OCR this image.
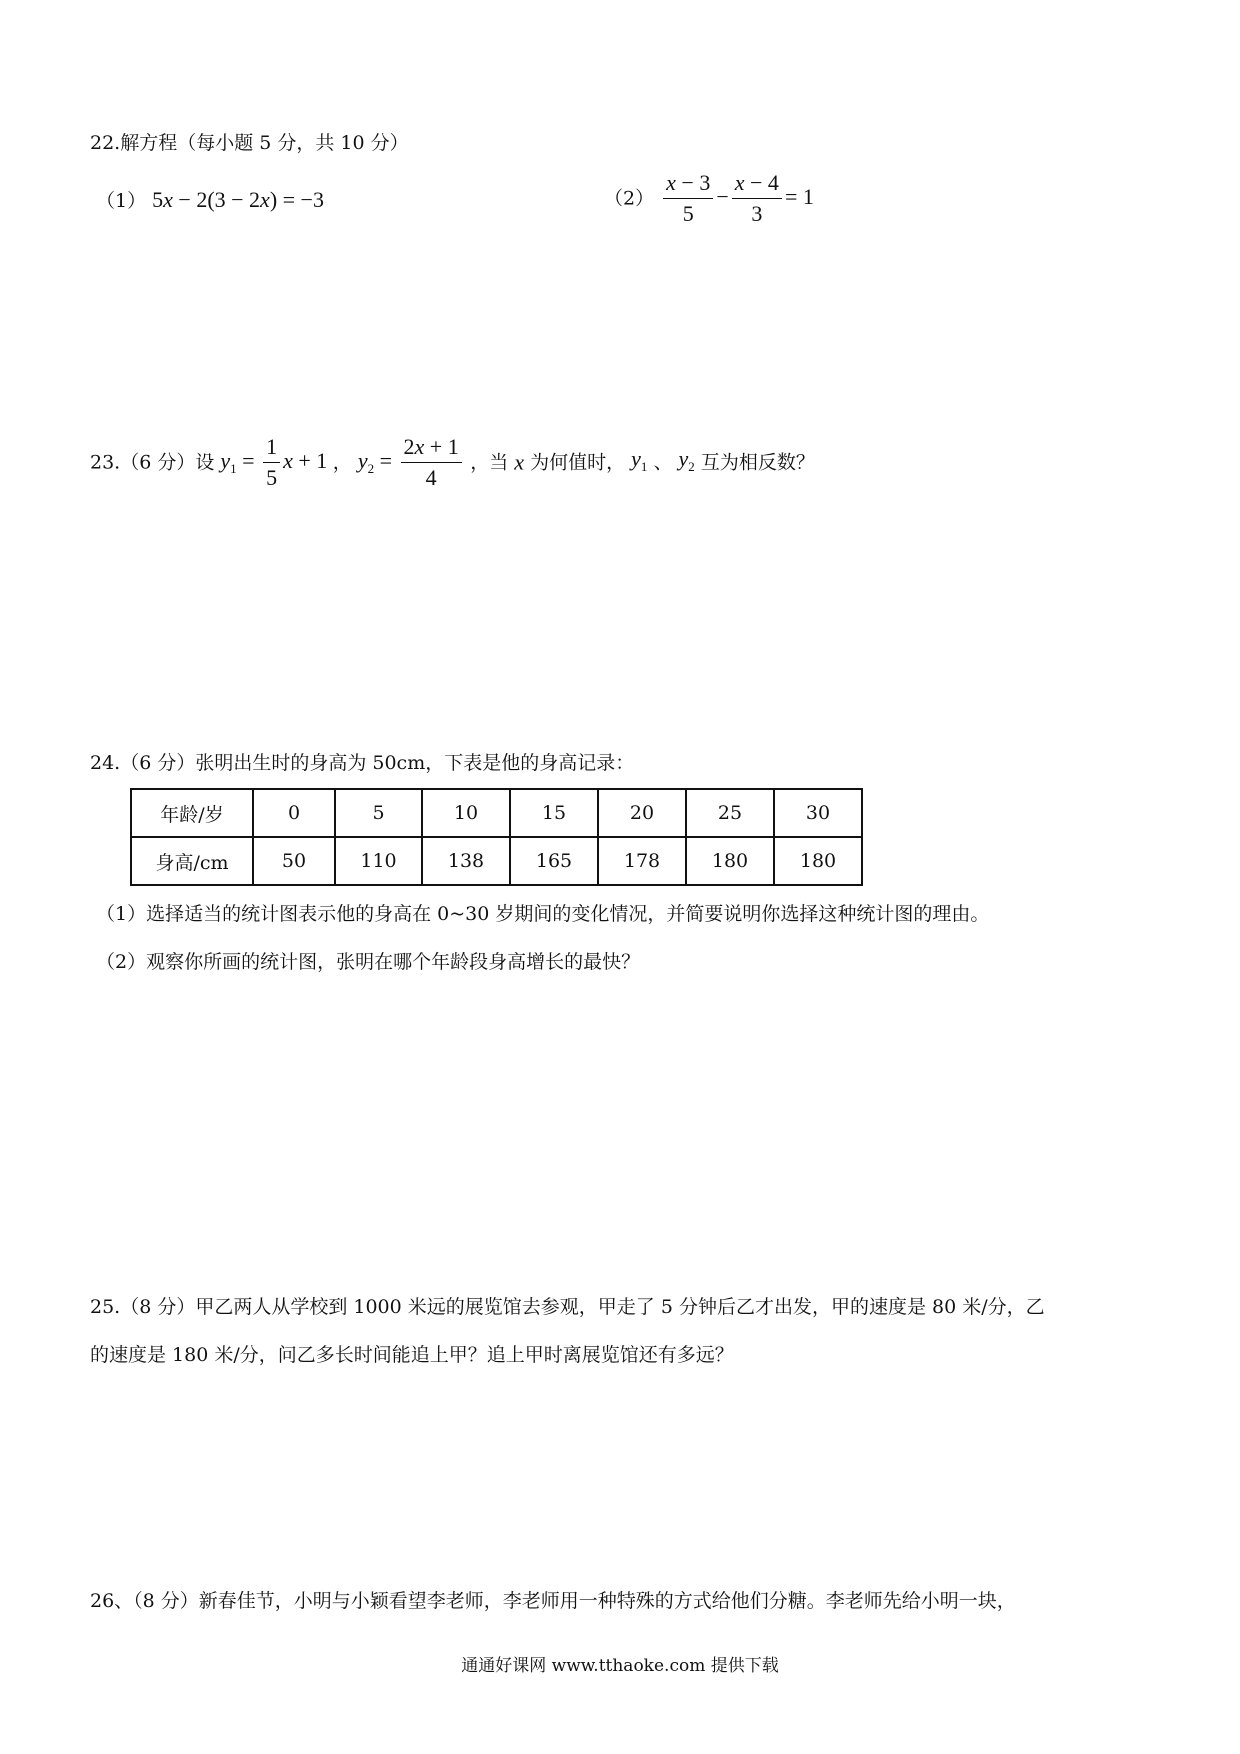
22.解方程（每小题 5 分，共 10 分）
（1） 5x − 2(3 − 2x) = −3	$(2) \frac{x - 3}{5} - \frac{x - 4}{3} = 1$
23.（6 分）设 $y_1 = \frac{1}{5}$ x + 1 ， $y_2 = \frac{2x + 1}{4}$ ，当 x 为何值时， $y_1$ 、 $y_2$ 互为相反数？
24.（6 分）张明出生时的身高为 50cm，下表是他的身高记录：
年龄/岁	0	5	10	15	20	25	30
身高/cm	50	110	138	165	178	180	180
（1）选择适当的统计图表示他的身高在 0~30 岁期间的变化情况，并简要说明你选择这种统计图的理由。
（2）观察你所画的统计图，张明在哪个年龄段身高增长的最快？
25.（8 分）甲乙两人从学校到 1000 米远的展览馆去参观，甲走了 5 分钟后乙才出发，甲的速度是 80 米/分，乙
的速度是 180 米/分，问乙多长时间能追上甲？追上甲时离展览馆还有多远？
26、（8 分）新春佳节，小明与小颖看望李老师，李老师用一种特殊的方式给他们分糖。李老师先给小明一块，
通通好课网 www.tthaoke.com 提供下载
